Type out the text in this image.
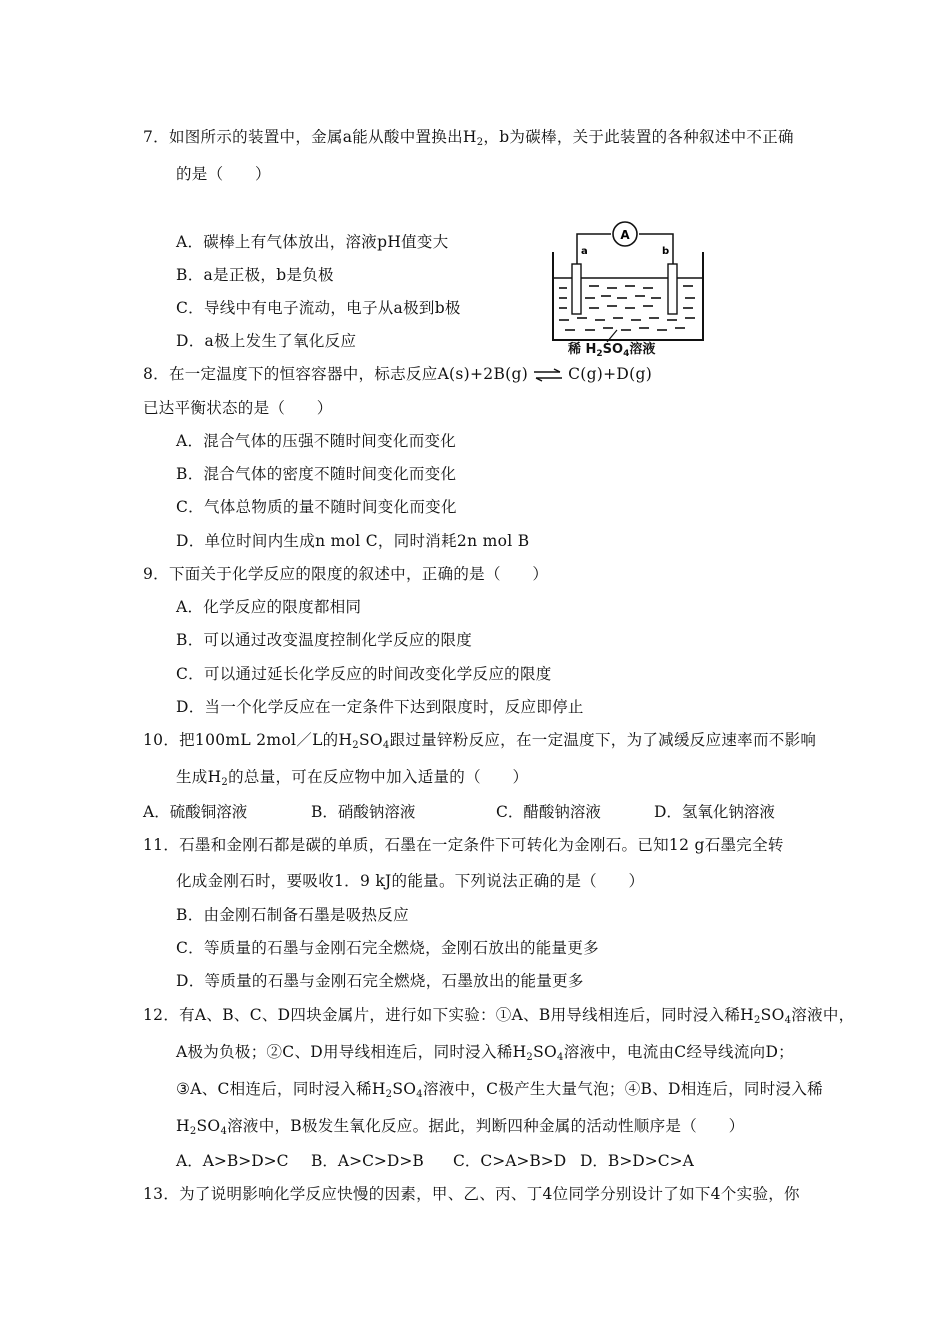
7．如图所示的装置中，金属a能从酸中置换出$H_2$，b为碳棒，关于此装置的各种叙述中不正确
的是（　　）
A．碳棒上有气体放出，溶液pH值变大
B．a是正极，b是负极
C．导线中有电子流动，电子从a极到b极
D．a极上发生了氧化反应
A
a	b
稀 $H_2SO_4$溶液
8．在一定温度下的恒容容器中，标志反应A(s)+2B(g) ⇌ C(g)+D(g)
已达平衡状态的是（　　）
A．混合气体的压强不随时间变化而变化
B．混合气体的密度不随时间变化而变化
C．气体总物质的量不随时间变化而变化
D．单位时间内生成n mol C，同时消耗2n mol B
9．下面关于化学反应的限度的叙述中，正确的是（　　）
A．化学反应的限度都相同
B．可以通过改变温度控制化学反应的限度
C．可以通过延长化学反应的时间改变化学反应的限度
D．当一个化学反应在一定条件下达到限度时，反应即停止
10．把100mL 2mol／L的$H_2SO_4$跟过量锌粉反应，在一定温度下，为了减缓反应速率而不影响
生成$H_2$的总量，可在反应物中加入适量的（　　）
A．硫酸铜溶液	B．硝酸钠溶液	C．醋酸钠溶液	D．氢氧化钠溶液
11．石墨和金刚石都是碳的单质，石墨在一定条件下可转化为金刚石。已知12 g石墨完全转
化成金刚石时，要吸收1．9 kJ的能量。下列说法正确的是（　　）
B．由金刚石制备石墨是吸热反应
C．等质量的石墨与金刚石完全燃烧，金刚石放出的能量更多
D．等质量的石墨与金刚石完全燃烧，石墨放出的能量更多
12．有A、B、C、D四块金属片，进行如下实验：①A、B用导线相连后，同时浸入稀$H_2SO_4$溶液中，
A极为负极；②C、D用导线相连后，同时浸入稀$H_2SO_4$溶液中，电流由C经导线流向D；
③A、C相连后，同时浸入稀$H_2SO_4$溶液中，C极产生大量气泡；④B、D相连后，同时浸入稀
$H_2SO_4$溶液中，B极发生氧化反应。据此，判断四种金属的活动性顺序是（　　）
A．A>B>D>C B．A>C>D>B C．C>A>B>D D．B>D>C>A
13．为了说明影响化学反应快慢的因素，甲、乙、丙、丁4位同学分别设计了如下4个实验，你
